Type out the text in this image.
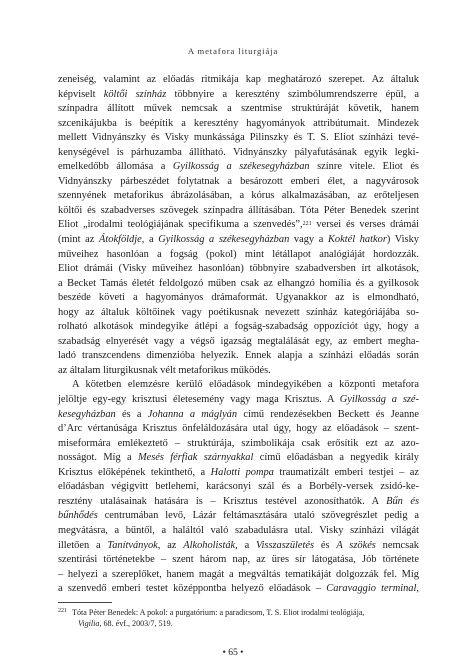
A metafora liturgiája
zeneiség, valamint az előadás ritmikája kap meghatározó szerepet. Az általuk
képviselt költői színház többnyire a keresztény szimbólumrendszerre épül, a
színpadra állított művek nemcsak a szentmise struktúráját követik, hanem
szcenikájukba is beépítik a keresztény hagyományok attribútumait. Mindezek
mellett Vidnyánszky és Visky munkássága Pilinszky és T. S. Eliot színházi tevé-
kenységével is párhuzamba állítható. Vidnyánszky pályafutásának egyik legki-
emelkedőbb állomása a Gyilkosság a székesegyházban színre vitele. Eliot és
Vidnyánszky párbeszédet folytatnak a besározott emberi élet, a nagyvárosok
szennyének metaforikus ábrázolásában, a kórus alkalmazásában, az erőteljesen
költői és szabadverses szövegek színpadra állításában. Tóta Péter Benedek szerint
Eliot „irodalmi teológiájának specifikuma a szenvedés”,$^{221}$ versei és verses drámái
(mint az Átokföldje, a Gyilkosság a székesegyházban vagy a Koktél hatkor) Visky
műveihez hasonlóan a fogság (pokol) mint létállapot analógiáját hordozzák.
Eliot drámái (Visky műveihez hasonlóan) többnyire szabadversben írt alkotások,
a Becket Tamás életét feldolgozó műben csak az elhangzó homília és a gyilkosok
beszéde követi a hagyományos drámaformát. Ugyanakkor az is elmondható,
hogy az általuk költőinek vagy poétikusnak nevezett színház kategóriájába so-
rolható alkotások mindegyike átlépi a fogság-szabadság oppozíciót úgy, hogy a
szabadság elnyerését vagy a végső igazság megtalálását egy, az embert megha-
ladó transzcendens dimenzióba helyezik. Ennek alapja a színházi előadás során
az általam liturgikusnak vélt metaforikus működés.
A kötetben elemzésre kerülő előadások mindegyikében a központi metafora
jelöltje egy-egy krisztusi életesemény vagy maga Krisztus. A Gyilkosság a szé-
kesegyházban és a Johanna a máglyán című rendezésekben Beckett és Jeanne
d’Arc vértanúsága Krisztus önfeláldozására utal úgy, hogy az előadások – szent-
miseformára emlékeztető – struktúrája, szimbolikája csak erősítik ezt az azo-
nosságot. Míg a Mesés férfiak szárnyakkal című előadásban a negyedik király
Krisztus előképének tekinthető, a Halotti pompa traumatizált emberi testjei – az
előadásban végigvitt betlehemi, karácsonyi szál és a Borbély-versek zsidó-ke-
resztény utalásainak hatására is – Krisztus testével azonosíthatók. A Bűn és
bűnhődés centrumában levő, Lázár feltámasztására utaló szövegrészlet pedig a
megvátásra, a bűntől, a haláltól való szabadulásra utal. Visky színházi világát
illetően a Tanítványok, az Alkoholisták, a Visszaszületés és A szökés nemcsak
szentírási történetekbe – szent három nap, az üres sír látogatása, Jób története
– helyezi a szereplőket, hanem magát a megváltás tematikáját dolgozzák fel. Míg
a szenvedő emberi testet középpontba helyező előadások – Caravaggio terminal,
$^{221}$ Tóta Péter Benedek: A pokol: a purgatórium: a paradicsom, T. S. Eliot irodalmi teológiája,
Vigilia, 68. évf., 2003/7, 519.
• 65 •
